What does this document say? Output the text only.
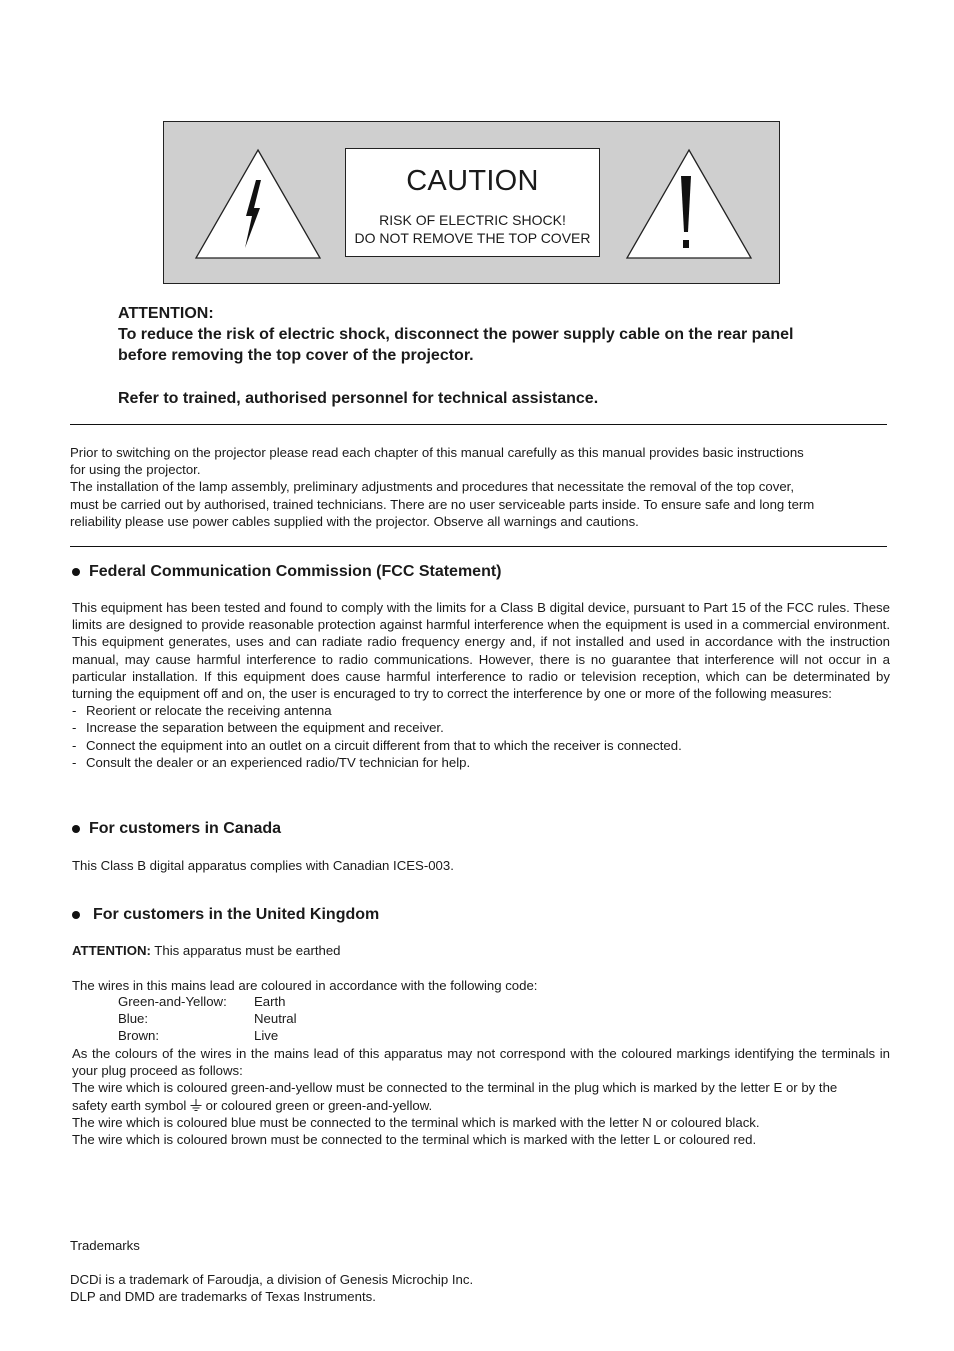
CAUTION
RISK OF ELECTRIC SHOCK!
DO NOT REMOVE THE TOP COVER
ATTENTION:
To reduce the risk of electric shock, disconnect the power supply cable on the rear panel
before removing the top cover of the projector.
Refer to trained, authorised personnel for technical assistance.
Prior to switching on the projector please read each chapter of this manual carefully as this manual provides basic instructions
for using the projector.
The installation of the lamp assembly, preliminary adjustments and procedures that necessitate the removal of the top cover,
must be carried out by authorised, trained technicians. There are no user serviceable parts inside. To ensure safe and long term
reliability please use power cables supplied with the projector. Observe all warnings and cautions.
Federal Communication Commission (FCC Statement)
This equipment has been tested and found to comply with the limits for a Class B digital device, pursuant to Part 15 of the FCC rules. These limits are designed to provide reasonable protection against harmful interference when the equipment is used in a commercial environment. This equipment generates, uses and can radiate radio frequency energy and, if not installed and used in accordance with the instruction manual, may cause harmful interference to radio communications. However, there is no guarantee that interference will not occur in a particular installation. If this equipment does cause harmful interference to radio or television reception, which can be determinated by turning the equipment off and on, the user is encuraged to try to correct the interference by one or more of the following measures:
- Reorient or relocate the receiving antenna
- Increase the separation between the equipment and receiver.
- Connect the equipment into an outlet on a circuit different from that to which the receiver is connected.
- Consult the dealer or an experienced radio/TV technician for help.
For customers in Canada
This Class B digital apparatus complies with Canadian ICES-003.
For customers in the United Kingdom
ATTENTION: This apparatus must be earthed
The wires in this mains lead are coloured in accordance with the following code:
Green-and-Yellow: Earth
Blue:	Neutral
Brown:	Live
As the colours of the wires in the mains lead of this apparatus may not correspond with the coloured markings identifying the terminals in your plug proceed as follows:
The wire which is coloured green-and-yellow must be connected to the terminal in the plug which is marked by the letter E or by the
safety earth symbol  or coloured green or green-and-yellow.
The wire which is coloured blue must be connected to the terminal which is marked with the letter N or coloured black.
The wire which is coloured brown must be connected to the terminal which is marked with the letter L or coloured red.
Trademarks
DCDi is a trademark of Faroudja, a division of Genesis Microchip Inc.
DLP and DMD are trademarks of Texas Instruments.
